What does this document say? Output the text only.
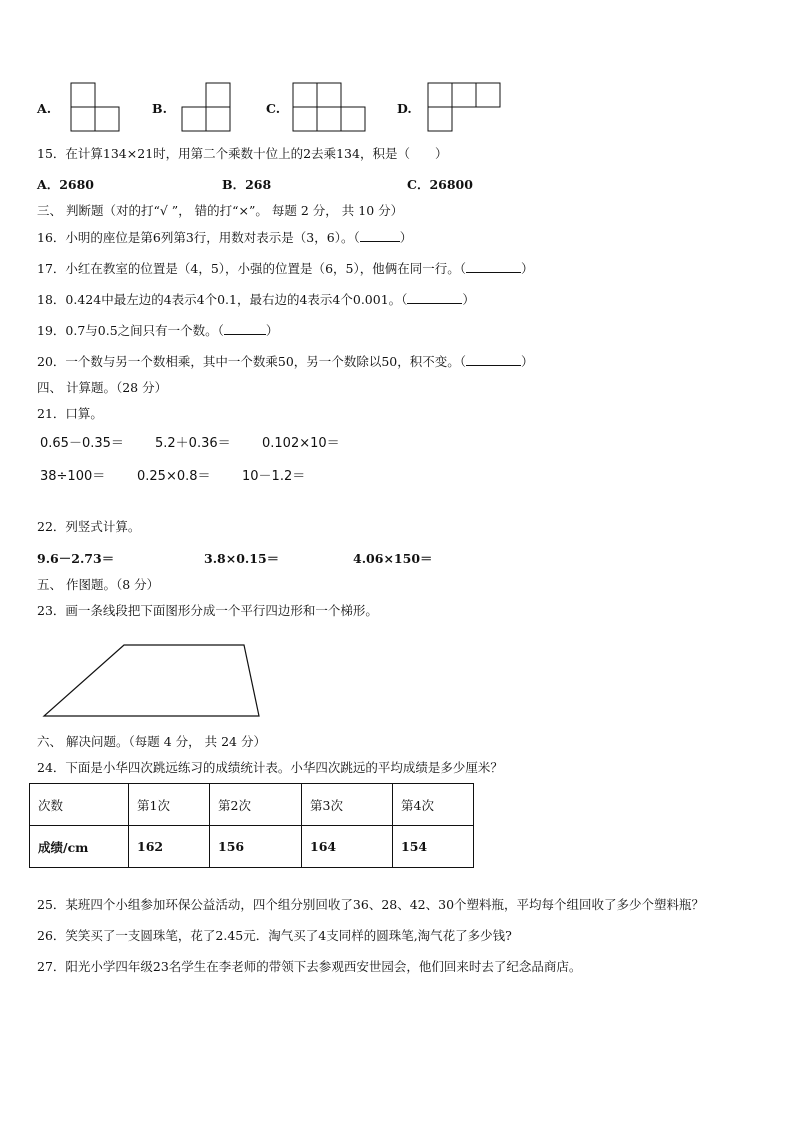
A.	B.	C.	D.
15．在计算134×21时，用第二个乘数十位上的2去乘134，积是（　　）
A．2680	B．268	C．26800
三、 判断题（对的打“√ ”， 错的打“×”。 每题 2 分， 共 10 分）
16．小明的座位是第6列第3行，用数对表示是（3，6）。（	）
17．小红在教室的位置是（4，5），小强的位置是（6，5），他俩在同一行。（	）
18．0.424中最左边的4表示4个0.1，最右边的4表示4个0.001。（	）
19．0.7与0.5之间只有一个数。（	）
20．一个数与另一个数相乘，其中一个数乘50，另一个数除以50，积不变。（	）
四、 计算题。（28 分）
21．口算。
0.65－0.35＝ 5.2＋0.36＝ 0.102×10＝
38÷100＝ 0.25×0.8＝ 10－1.2＝
22．列竖式计算。
9.6－2.73＝	3.8×0.15＝	4.06×150＝
五、 作图题。（8 分）
23．画一条线段把下面图形分成一个平行四边形和一个梯形。
六、 解决问题。（每题 4 分， 共 24 分）
24．下面是小华四次跳远练习的成绩统计表。小华四次跳远的平均成绩是多少厘米？
次数	第1次	第2次	第3次	第4次
成绩/cm	162	156	164	154
25．某班四个小组参加环保公益活动，四个组分别回收了36、28、42、30个塑料瓶，平均每个组回收了多少个塑料瓶？
26．笑笑买了一支圆珠笔，花了2.45元．淘气买了4支同样的圆珠笔,淘气花了多少钱?
27．阳光小学四年级23名学生在李老师的带领下去参观西安世园会，他们回来时去了纪念品商店。
